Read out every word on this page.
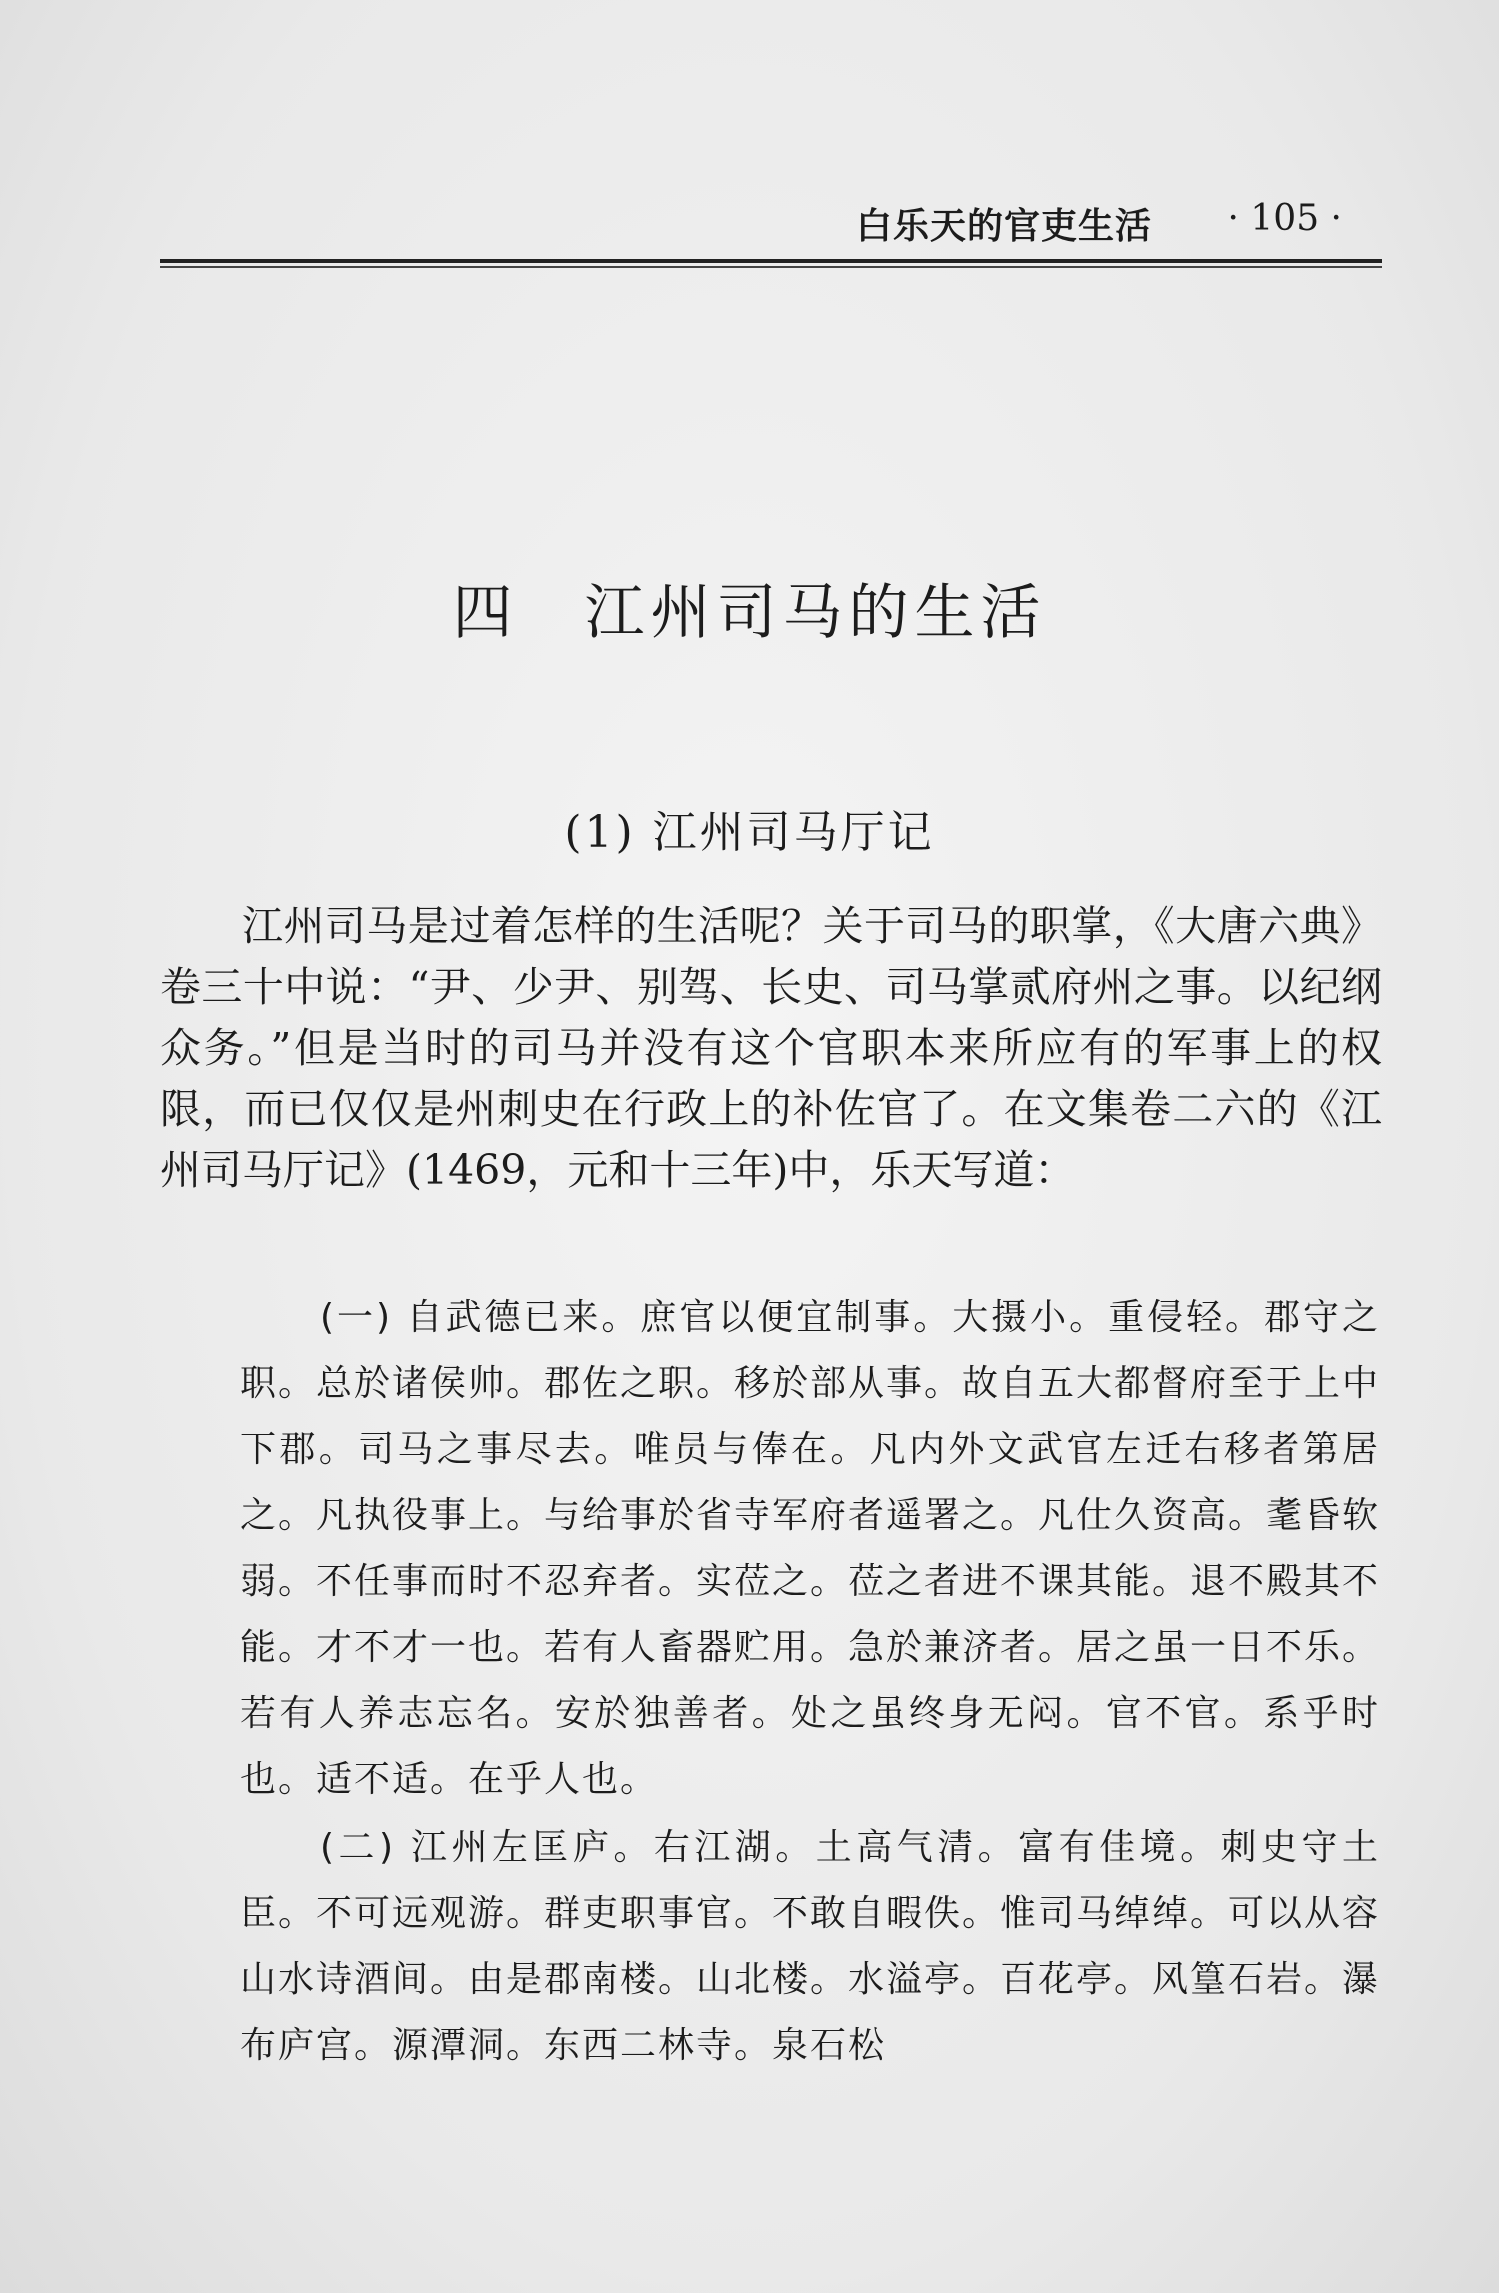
白乐天的官吏生活 · 105 ·
四　江州司马的生活
(1) 江州司马厅记

江州司马是过着怎样的生活呢？关于司马的职掌，《大唐六典》卷三十中说：“尹、少尹、别驾、长史、司马掌贰府州之事。以纪纲众务。”但是当时的司马并没有这个官职本来所应有的军事上的权限，而已仅仅是州刺史在行政上的补佐官了。在文集卷二六的《江州司马厅记》(1469，元和十三年)中，乐天写道：

(一) 自武德已来。庶官以便宜制事。大摄小。重侵轻。郡守之职。总於诸侯帅。郡佐之职。移於部从事。故自五大都督府至于上中下郡。司马之事尽去。唯员与俸在。凡内外文武官左迁右移者第居之。凡执役事上。与给事於省寺军府者遥署之。凡仕久资高。耄昏软弱。不任事而时不忍弃者。实莅之。莅之者进不课其能。退不殿其不能。才不才一也。若有人畜器贮用。急於兼济者。居之虽一日不乐。若有人养志忘名。安於独善者。处之虽终身无闷。官不官。系乎时也。适不适。在乎人也。

(二) 江州左匡庐。右江湖。土高气清。富有佳境。刺史守土臣。不可远观游。群吏职事官。不敢自暇佚。惟司马绰绰。可以从容山水诗酒间。由是郡南楼。山北楼。水溢亭。百花亭。风篁石岩。瀑布庐宫。源潭洞。东西二林寺。泉石松
